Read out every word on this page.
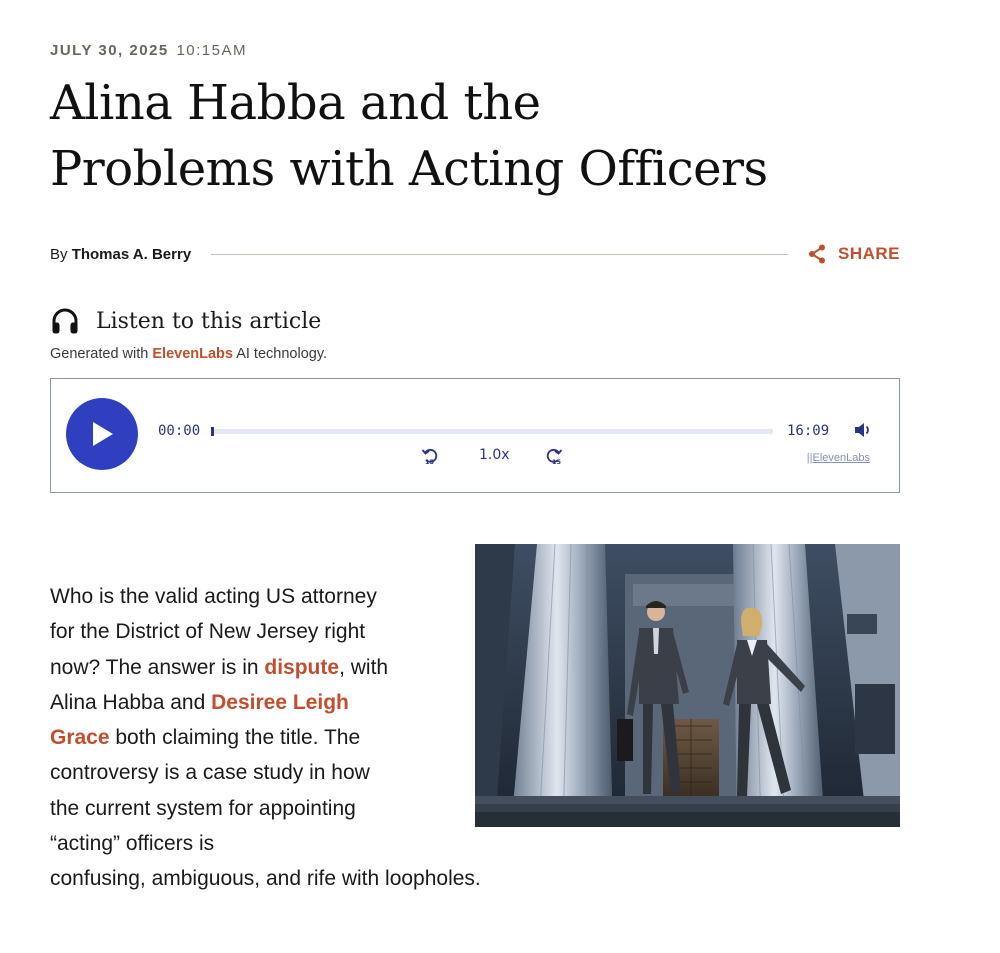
JULY 30, 2025 10:15AM
Alina Habba and the
Problems with Acting Officers
By Thomas A. Berry	SHARE
Listen to this article
Generated with ElevenLabs AI technology.
00:00	16:09
15	1.0x	15	||ElevenLabs

Who is the valid acting US attorney for the District of New Jersey right now? The answer is in dispute, with Alina Habba and Desiree Leigh Grace both claiming the title. The controversy is a case study in how the current system for appointing “acting” officers is
confusing, ambiguous, and rife with loopholes.
